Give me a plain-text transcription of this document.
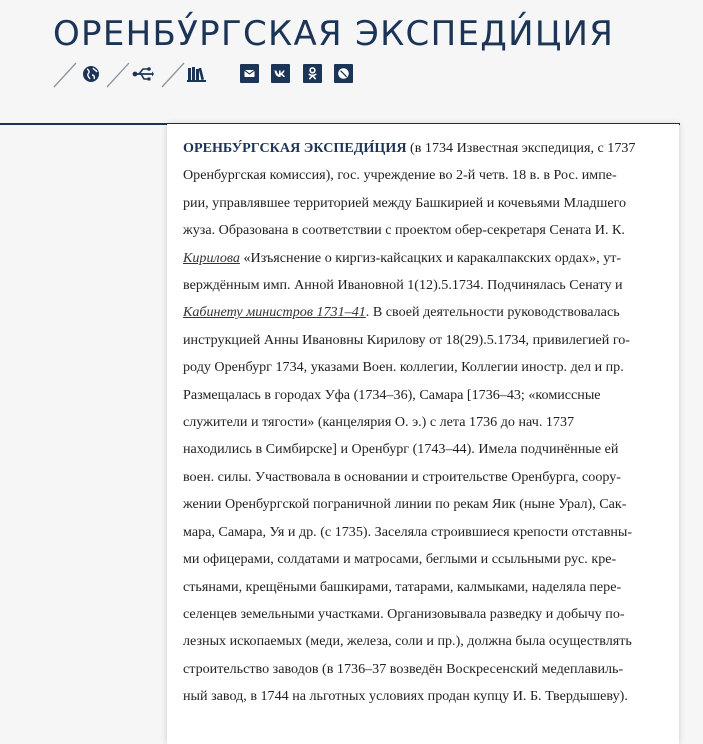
ОРЕНБУ́РГСКАЯ ЭКСПЕДИ́ЦИЯ
ОРЕНБУ́РГСКАЯ ЭКСПЕДИ́ЦИЯ (в 1734 Известная экспедиция, с 1737
Оренбургская комиссия), гос. учреждение во 2-й четв. 18 в. в Рос. импе-
рии, управлявшее территорией между Башкирией и кочевьями Младшего
жуза. Образована в соответствии с проектом обер-секретаря Сената И. К.
Кирилова «Изъяснение о киргиз-кайсацких и каракалпакских ордах», ут-
верждённым имп. Анной Ивановной 1(12).5.1734. Подчинялась Сенату и
Кабинету министров 1731–41. В своей деятельности руководствовалась
инструкцией Анны Ивановны Кирилову от 18(29).5.1734, привилегией го-
роду Оренбург 1734, указами Воен. коллегии, Коллегии иностр. дел и пр.
Размещалась в городах Уфа (1734–36), Самара [1736–43; «комиссные
служители и тягости» (канцелярия О. э.) с лета 1736 до нач. 1737
находились в Симбирске] и Оренбург (1743–44). Имела подчинённые ей
воен. силы. Участвовала в основании и строительстве Оренбурга, соору-
жении Оренбургской пограничной линии по рекам Яик (ныне Урал), Сак-
мара, Самара, Уя и др. (с 1735). Заселяла строившиеся крепости отставны-
ми офицерами, солдатами и матросами, беглыми и ссыльными рус. кре-
стьянами, крещёными башкирами, татарами, калмыками, наделяла пере-
селенцев земельными участками. Организовывала разведку и добычу по-
лезных ископаемых (меди, железа, соли и пр.), должна была осуществлять
строительство заводов (в 1736–37 возведён Воскресенский медеплавиль-
ный завод, в 1744 на льготных условиях продан купцу И. Б. Твердышеву).
